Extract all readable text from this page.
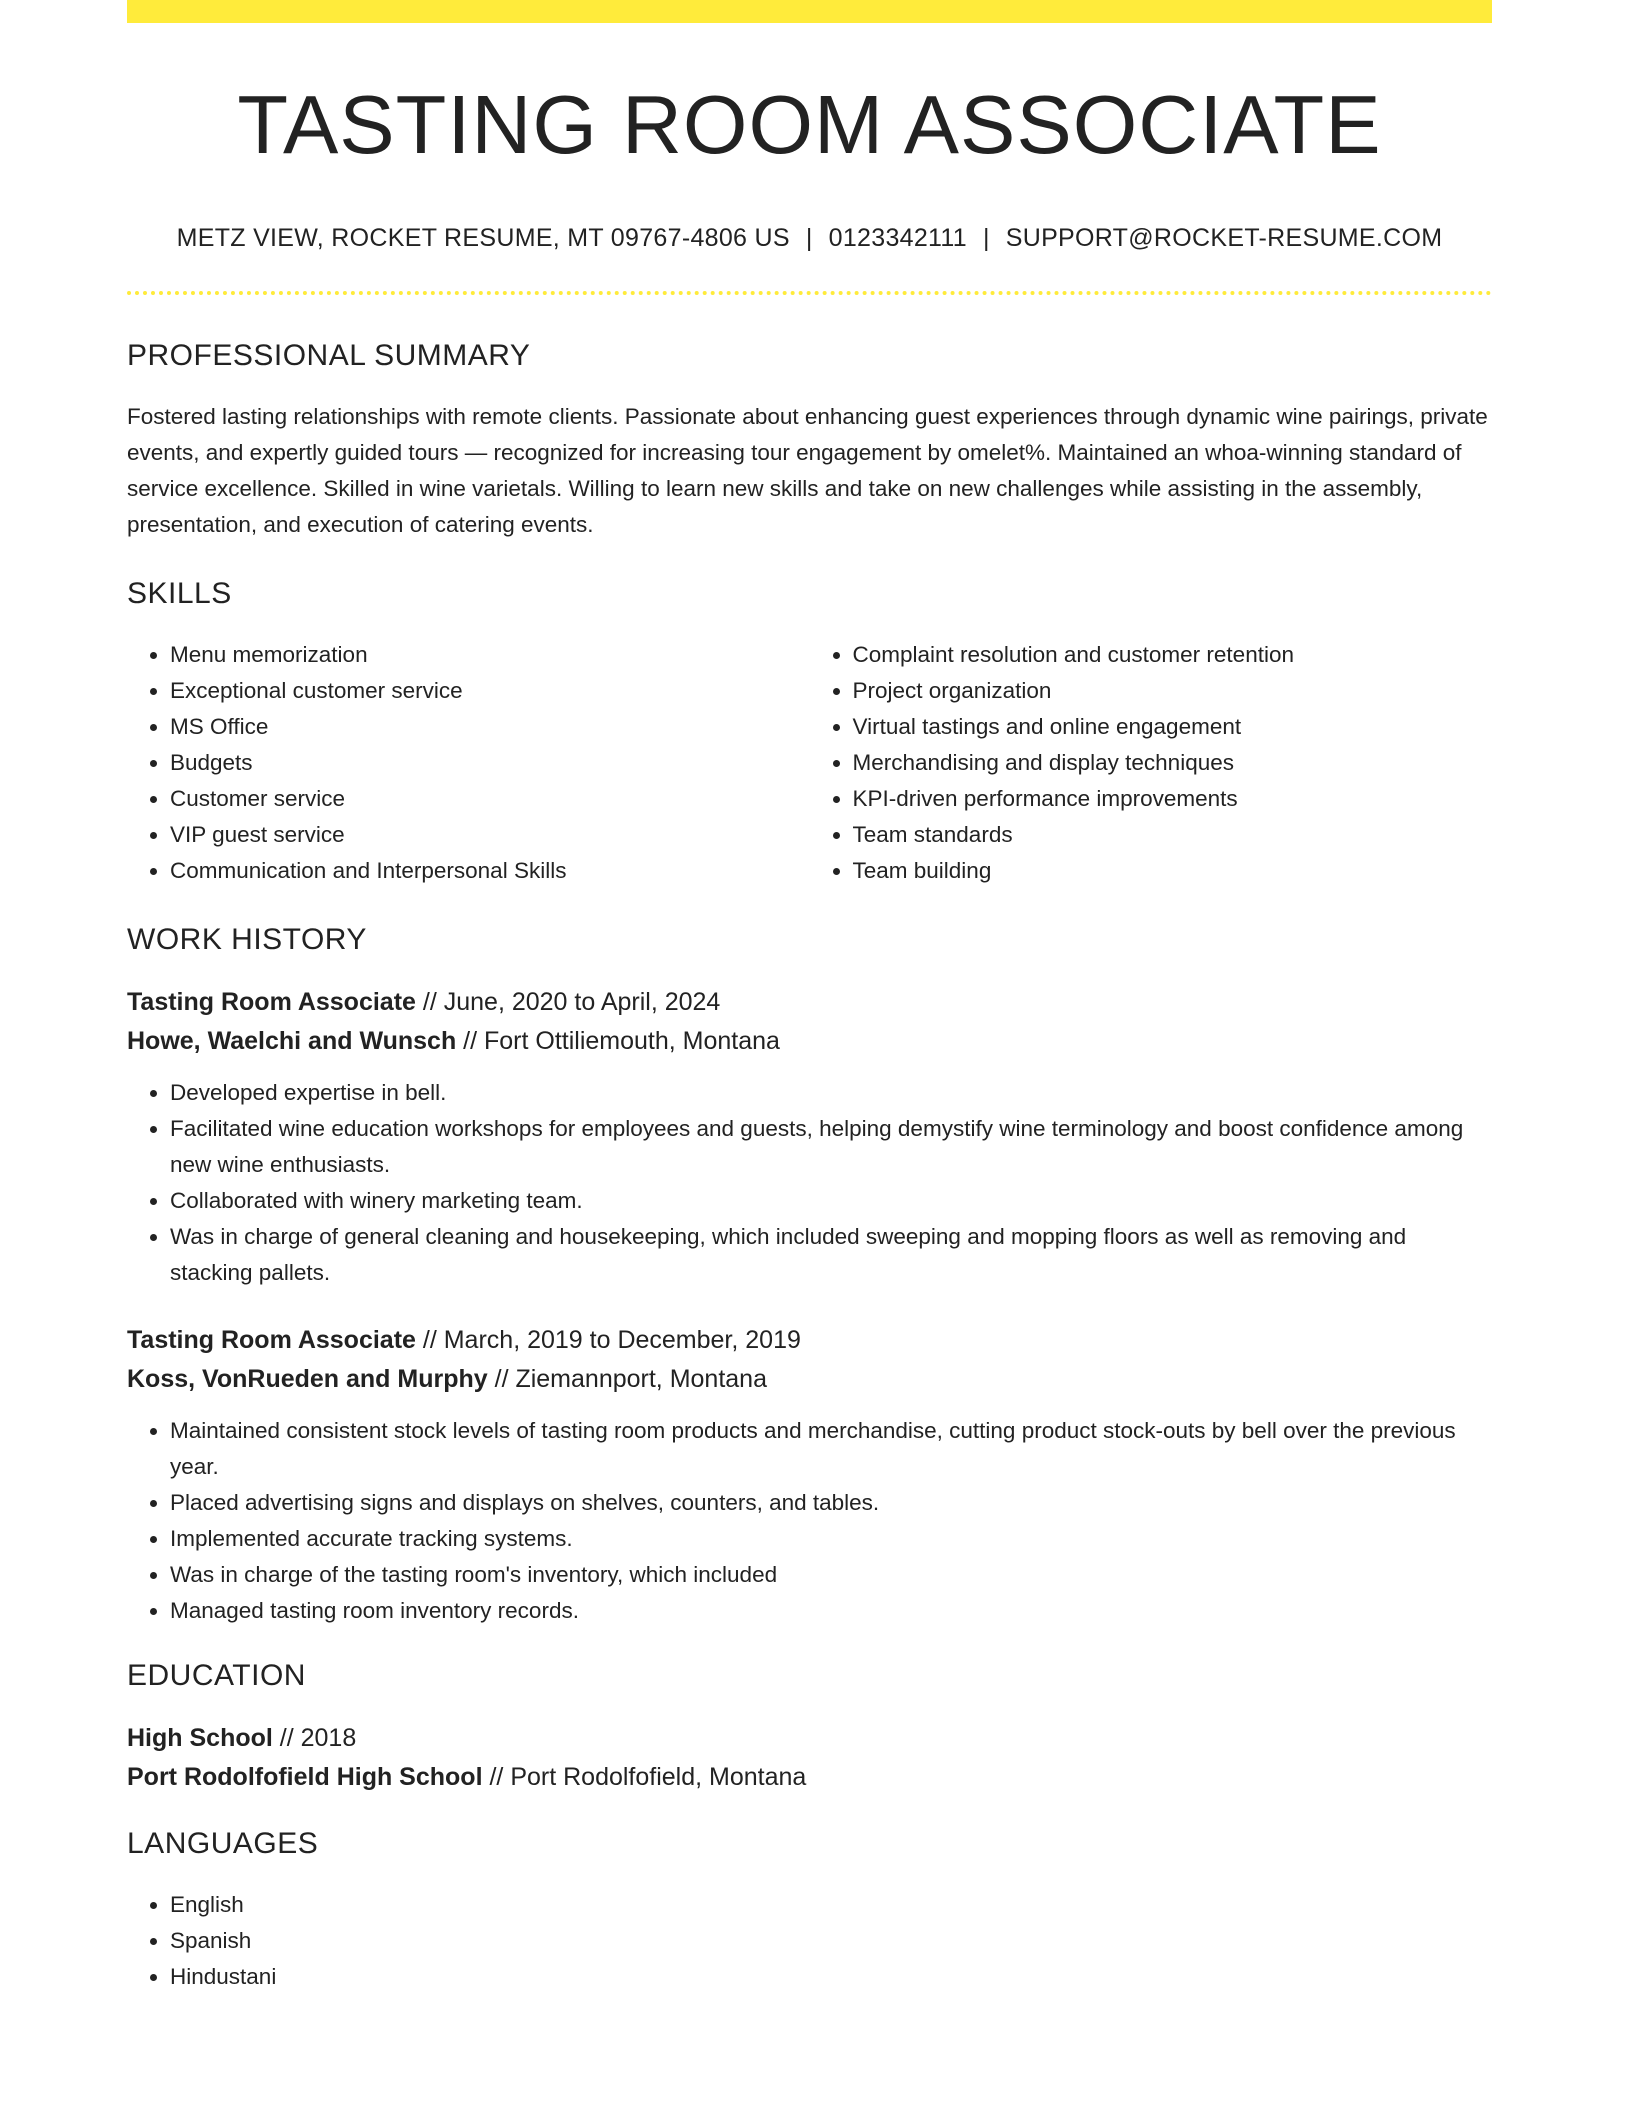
TASTING ROOM ASSOCIATE
METZ VIEW, ROCKET RESUME, MT 09767-4806 US | 0123342111 | SUPPORT@ROCKET-RESUME.COM
PROFESSIONAL SUMMARY
Fostered lasting relationships with remote clients. Passionate about enhancing guest experiences through dynamic wine pairings, private events, and expertly guided tours — recognized for increasing tour engagement by omelet%. Maintained an whoa-winning standard of service excellence. Skilled in wine varietals. Willing to learn new skills and take on new challenges while assisting in the assembly, presentation, and execution of catering events.
SKILLS
• Menu memorization
• Exceptional customer service
• MS Office
• Budgets
• Customer service
• VIP guest service
• Communication and Interpersonal Skills
• Complaint resolution and customer retention
• Project organization
• Virtual tastings and online engagement
• Merchandising and display techniques
• KPI-driven performance improvements
• Team standards
• Team building
WORK HISTORY
Tasting Room Associate // June, 2020 to April, 2024
Howe, Waelchi and Wunsch // Fort Ottiliemouth, Montana
• Developed expertise in bell.
• Facilitated wine education workshops for employees and guests, helping demystify wine terminology and boost confidence among new wine enthusiasts.
• Collaborated with winery marketing team.
• Was in charge of general cleaning and housekeeping, which included sweeping and mopping floors as well as removing and stacking pallets.
Tasting Room Associate // March, 2019 to December, 2019
Koss, VonRueden and Murphy // Ziemannport, Montana
• Maintained consistent stock levels of tasting room products and merchandise, cutting product stock-outs by bell over the previous year.
• Placed advertising signs and displays on shelves, counters, and tables.
• Implemented accurate tracking systems.
• Was in charge of the tasting room's inventory, which included
• Managed tasting room inventory records.
EDUCATION
High School // 2018
Port Rodolfofield High School // Port Rodolfofield, Montana
LANGUAGES
• English
• Spanish
• Hindustani
